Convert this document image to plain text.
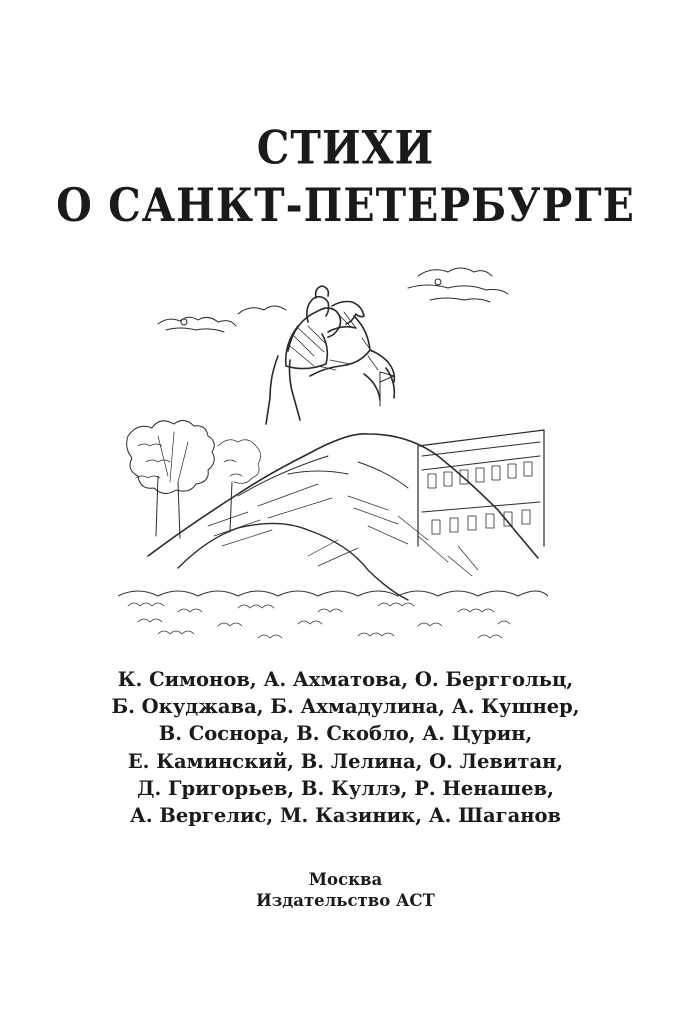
СТИХИ
О САНКТ-ПЕТЕРБУРГЕ
К. Симонов, А. Ахматова, О. Берггольц,
Б. Окуджава, Б. Ахмадулина, А. Кушнер,
В. Соснора, В. Скобло, А. Цурин,
Е. Каминский, В. Лелина, О. Левитан,
Д. Григорьев, В. Куллэ, Р. Ненашев,
А. Вергелис, М. Казиник, А. Шаганов
Москва
Издательство АСТ
